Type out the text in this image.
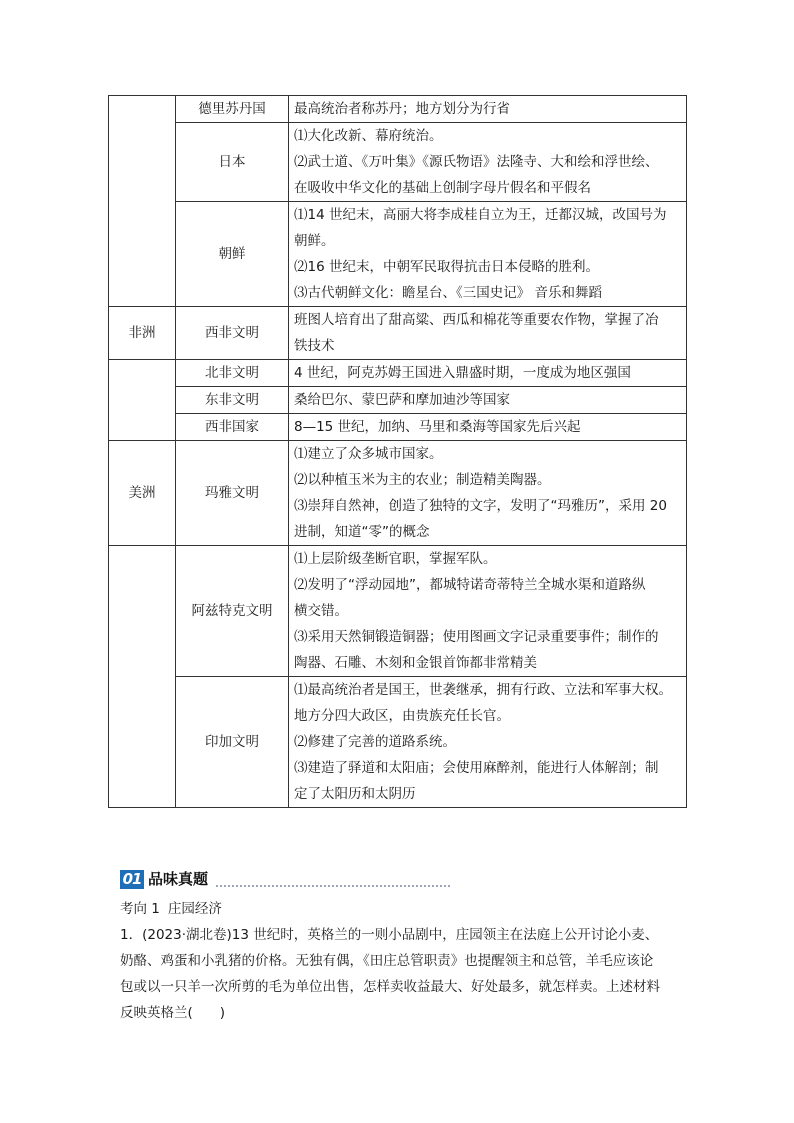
	德里苏丹国	最高统治者称苏丹；地方划分为行省

	日本	⑴大化改新、幕府统治。
⑵武士道、《万叶集》《源氏物语》法隆寺、大和绘和浮世绘、
在吸收中华文化的基础上创制字母片假名和平假名

	朝鲜	⑴14 世纪末，高丽大将李成桂自立为王，迁都汉城，改国号为
朝鲜。
⑵16 世纪末，中朝军民取得抗击日本侵略的胜利。
⑶古代朝鲜文化：瞻星台、《三国史记》 音乐和舞蹈

非洲	西非文明	班图人培育出了甜高粱、西瓜和棉花等重要农作物，掌握了冶
铁技术

	北非文明	4 世纪，阿克苏姆王国进入鼎盛时期，一度成为地区强国

	东非文明	桑给巴尔、蒙巴萨和摩加迪沙等国家

	西非国家	8—15 世纪，加纳、马里和桑海等国家先后兴起

美洲	玛雅文明	⑴建立了众多城市国家。
⑵以种植玉米为主的农业；制造精美陶器。
⑶崇拜自然神，创造了独特的文字，发明了“玛雅历”，采用 20
进制，知道“零”的概念

	阿兹特克文明	⑴上层阶级垄断官职，掌握军队。
⑵发明了“浮动园地”，都城特诺奇蒂特兰全城水渠和道路纵
横交错。
⑶采用天然铜锻造铜器；使用图画文字记录重要事件；制作的
陶器、石雕、木刻和金银首饰都非常精美

	印加文明	⑴最高统治者是国王，世袭继承，拥有行政、立法和军事大权。
地方分四大政区，由贵族充任长官。
⑵修建了完善的道路系统。
⑶建造了驿道和太阳庙；会使用麻醉剂，能进行人体解剖；制
定了太阳历和太阴历
01 品味真题
考向 1 庄园经济
1．(2023·湖北卷)13 世纪时，英格兰的一则小品剧中，庄园领主在法庭上公开讨论小麦、
奶酪、鸡蛋和小乳猪的价格。无独有偶，《田庄总管职责》也提醒领主和总管，羊毛应该论
包或以一只羊一次所剪的毛为单位出售，怎样卖收益最大、好处最多，就怎样卖。上述材料
反映英格兰(　　)
